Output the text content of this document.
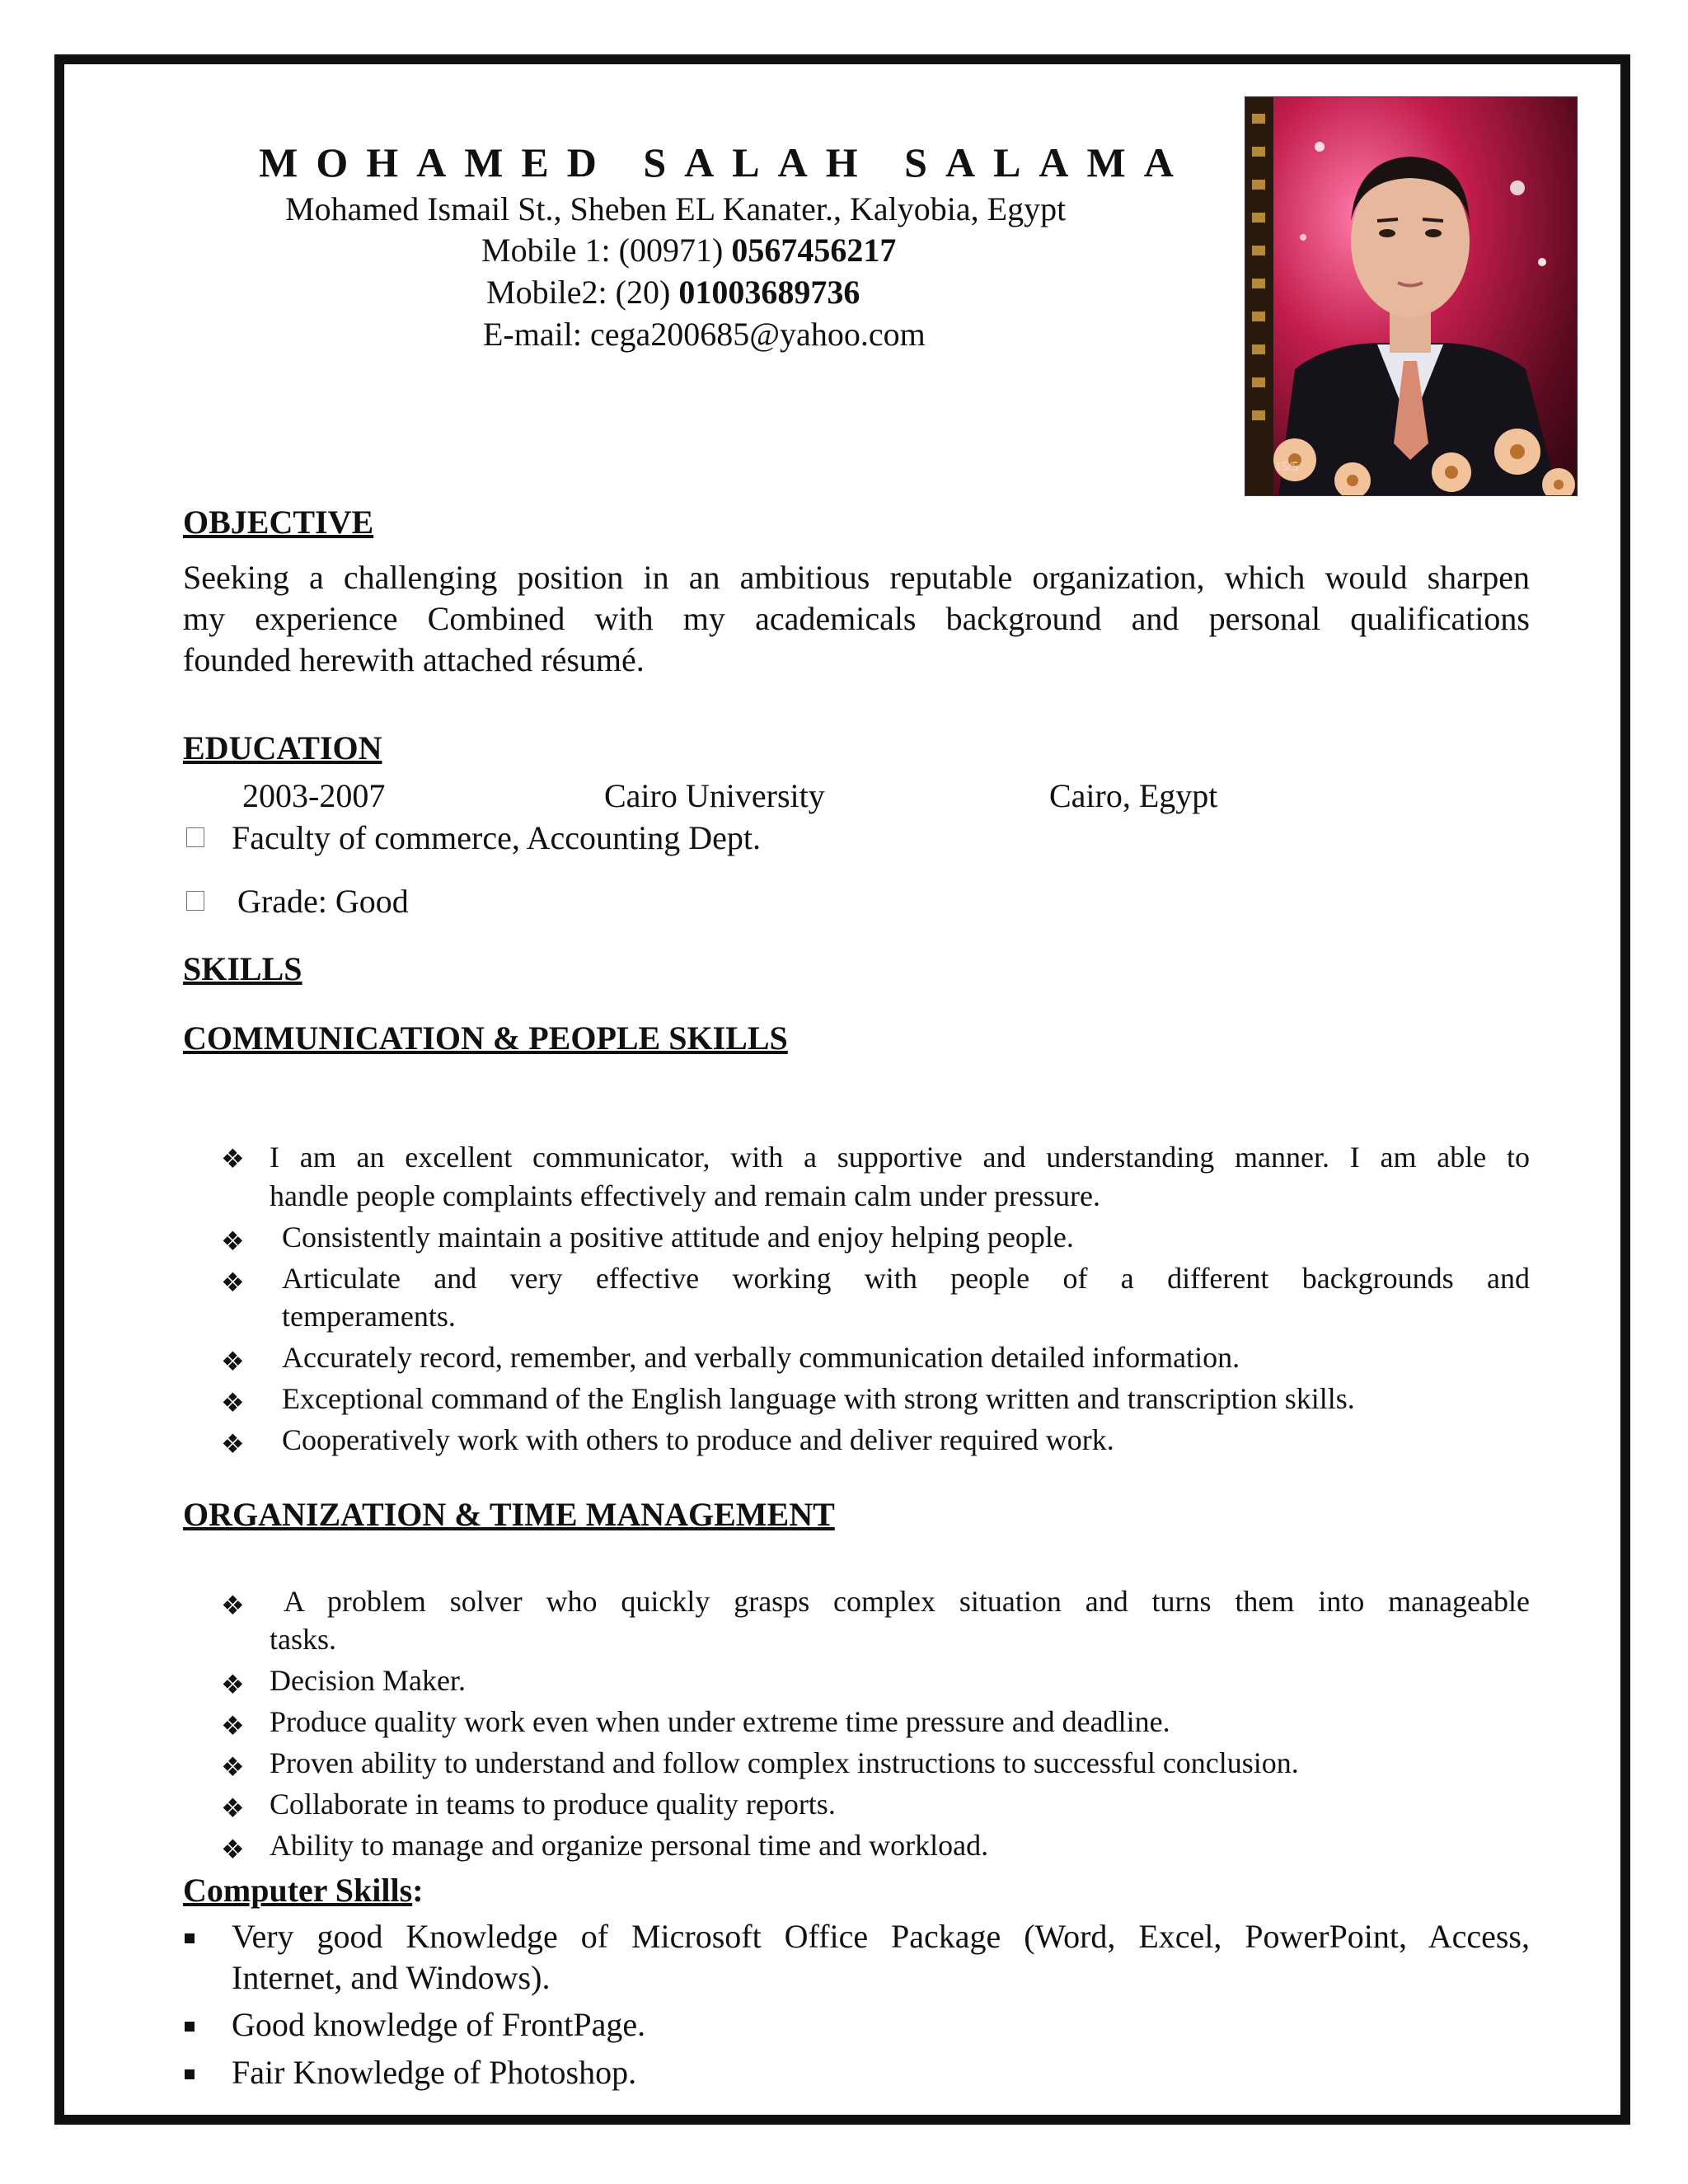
MOHAMED SALAH SALAMA
Mohamed Ismail St., Sheben EL Kanater., Kalyobia, Egypt
Mobile 1: (00971) 0567456217
Mobile2: (20) 01003689736
E-mail: cega200685@yahoo.com
15/5
OBJECTIVE
Seeking a challenging position in an ambitious reputable organization, which would sharpen
my experience Combined with my academicals background and personal qualifications
founded herewith attached résumé.
EDUCATION
2003-2007	Cairo University	Cairo, Egypt
Faculty of commerce, Accounting Dept.
Grade: Good
SKILLS
COMMUNICATION & PEOPLE SKILLS
❖ I am an excellent communicator, with a supportive and understanding manner. I am able to
handle people complaints effectively and remain calm under pressure.
❖ Consistently maintain a positive attitude and enjoy helping people.
❖ Articulate and very effective working with people of a different backgrounds and
temperaments.
❖ Accurately record, remember, and verbally communication detailed information.
❖ Exceptional command of the English language with strong written and transcription skills.
❖ Cooperatively work with others to produce and deliver required work.
ORGANIZATION & TIME MANAGEMENT
❖ A problem solver who quickly grasps complex situation and turns them into manageable
tasks.
❖ Decision Maker.
❖ Produce quality work even when under extreme time pressure and deadline.
❖ Proven ability to understand and follow complex instructions to successful conclusion.
❖ Collaborate in teams to produce quality reports.
❖ Ability to manage and organize personal time and workload.
Computer Skills:
Very good Knowledge of Microsoft Office Package (Word, Excel, PowerPoint, Access,
Internet, and Windows).
Good knowledge of FrontPage.
Fair Knowledge of Photoshop.
